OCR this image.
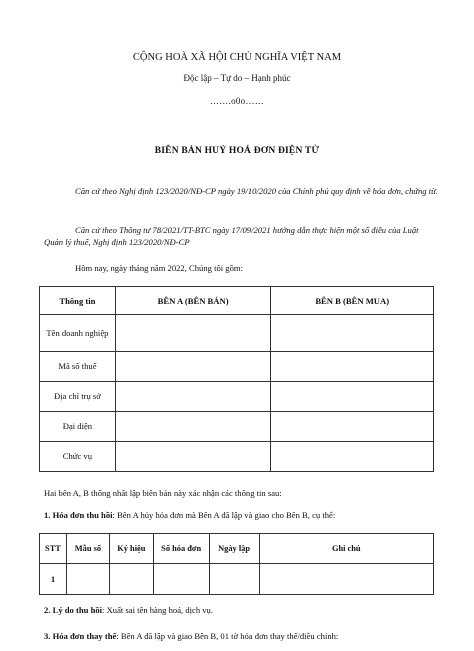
CỘNG HOÀ XÃ HỘI CHỦ NGHĨA VIỆT NAM
Độc lập – Tự do – Hạnh phúc
…….o0o……
BIÊN BẢN HUỶ HOÁ ĐƠN ĐIỆN TỬ
Căn cứ theo Nghị định 123/2020/NĐ-CP ngày 19/10/2020 của Chính phủ quy định về hóa đơn, chứng từ.
Căn cứ theo Thông tư 78/2021/TT-BTC ngày 17/09/2021 hướng dẫn thực hiện một số điều của Luật Quản lý thuế, Nghị định 123/2020/NĐ-CP
Hôm nay, ngày tháng năm 2022, Chúng tôi gồm:
Thông tin	BÊN A (BÊN BÁN)	BÊN B (BÊN MUA)
Tên doanh nghiệp		
Mã số thuế		
Địa chỉ trụ sở		
Đại diện		
Chức vụ		
Hai bên A, B thống nhất lập biên bản này xác nhận các thông tin sau:
1. Hóa đơn thu hồi: Bên A hủy hóa đơn mà Bên A đã lập và giao cho Bên B, cụ thể:
STT	Mẫu số	Ký hiệu	Số hóa đơn	Ngày lập	Ghi chú
1					
2. Lý do thu hồi: Xuất sai tên hàng hoá, dịch vụ.
3. Hóa đơn thay thế: Bên A đã lập và giao Bên B, 01 tờ hóa đơn thay thế/điều chỉnh:
